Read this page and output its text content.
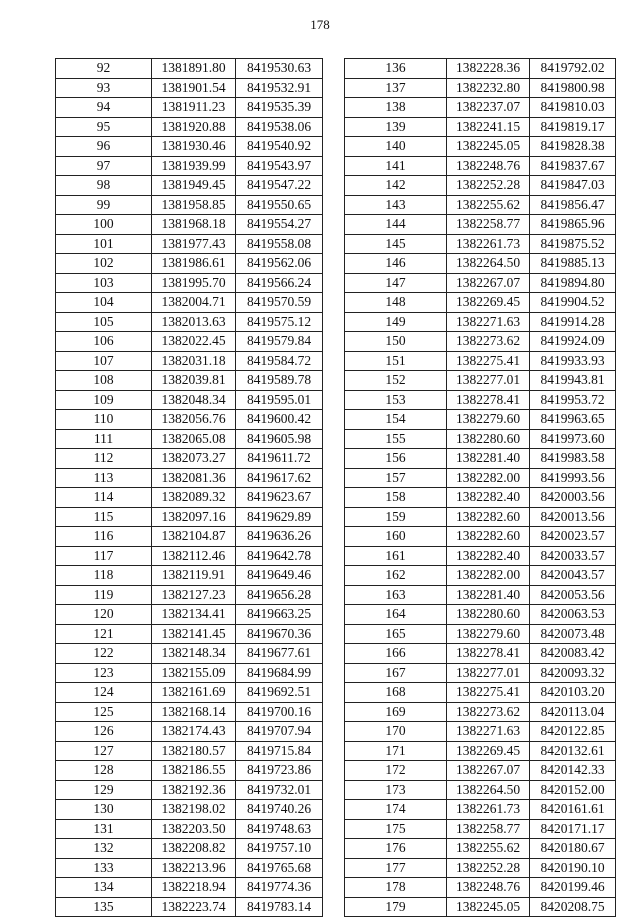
178
92	1381891.80	8419530.63
93	1381901.54	8419532.91
94	1381911.23	8419535.39
95	1381920.88	8419538.06
96	1381930.46	8419540.92
97	1381939.99	8419543.97
98	1381949.45	8419547.22
99	1381958.85	8419550.65
100	1381968.18	8419554.27
101	1381977.43	8419558.08
102	1381986.61	8419562.06
103	1381995.70	8419566.24
104	1382004.71	8419570.59
105	1382013.63	8419575.12
106	1382022.45	8419579.84
107	1382031.18	8419584.72
108	1382039.81	8419589.78
109	1382048.34	8419595.01
110	1382056.76	8419600.42
111	1382065.08	8419605.98
112	1382073.27	8419611.72
113	1382081.36	8419617.62
114	1382089.32	8419623.67
115	1382097.16	8419629.89
116	1382104.87	8419636.26
117	1382112.46	8419642.78
118	1382119.91	8419649.46
119	1382127.23	8419656.28
120	1382134.41	8419663.25
121	1382141.45	8419670.36
122	1382148.34	8419677.61
123	1382155.09	8419684.99
124	1382161.69	8419692.51
125	1382168.14	8419700.16
126	1382174.43	8419707.94
127	1382180.57	8419715.84
128	1382186.55	8419723.86
129	1382192.36	8419732.01
130	1382198.02	8419740.26
131	1382203.50	8419748.63
132	1382208.82	8419757.10
133	1382213.96	8419765.68
134	1382218.94	8419774.36
135	1382223.74	8419783.14
136	1382228.36	8419792.02
137	1382232.80	8419800.98
138	1382237.07	8419810.03
139	1382241.15	8419819.17
140	1382245.05	8419828.38
141	1382248.76	8419837.67
142	1382252.28	8419847.03
143	1382255.62	8419856.47
144	1382258.77	8419865.96
145	1382261.73	8419875.52
146	1382264.50	8419885.13
147	1382267.07	8419894.80
148	1382269.45	8419904.52
149	1382271.63	8419914.28
150	1382273.62	8419924.09
151	1382275.41	8419933.93
152	1382277.01	8419943.81
153	1382278.41	8419953.72
154	1382279.60	8419963.65
155	1382280.60	8419973.60
156	1382281.40	8419983.58
157	1382282.00	8419993.56
158	1382282.40	8420003.56
159	1382282.60	8420013.56
160	1382282.60	8420023.57
161	1382282.40	8420033.57
162	1382282.00	8420043.57
163	1382281.40	8420053.56
164	1382280.60	8420063.53
165	1382279.60	8420073.48
166	1382278.41	8420083.42
167	1382277.01	8420093.32
168	1382275.41	8420103.20
169	1382273.62	8420113.04
170	1382271.63	8420122.85
171	1382269.45	8420132.61
172	1382267.07	8420142.33
173	1382264.50	8420152.00
174	1382261.73	8420161.61
175	1382258.77	8420171.17
176	1382255.62	8420180.67
177	1382252.28	8420190.10
178	1382248.76	8420199.46
179	1382245.05	8420208.75
